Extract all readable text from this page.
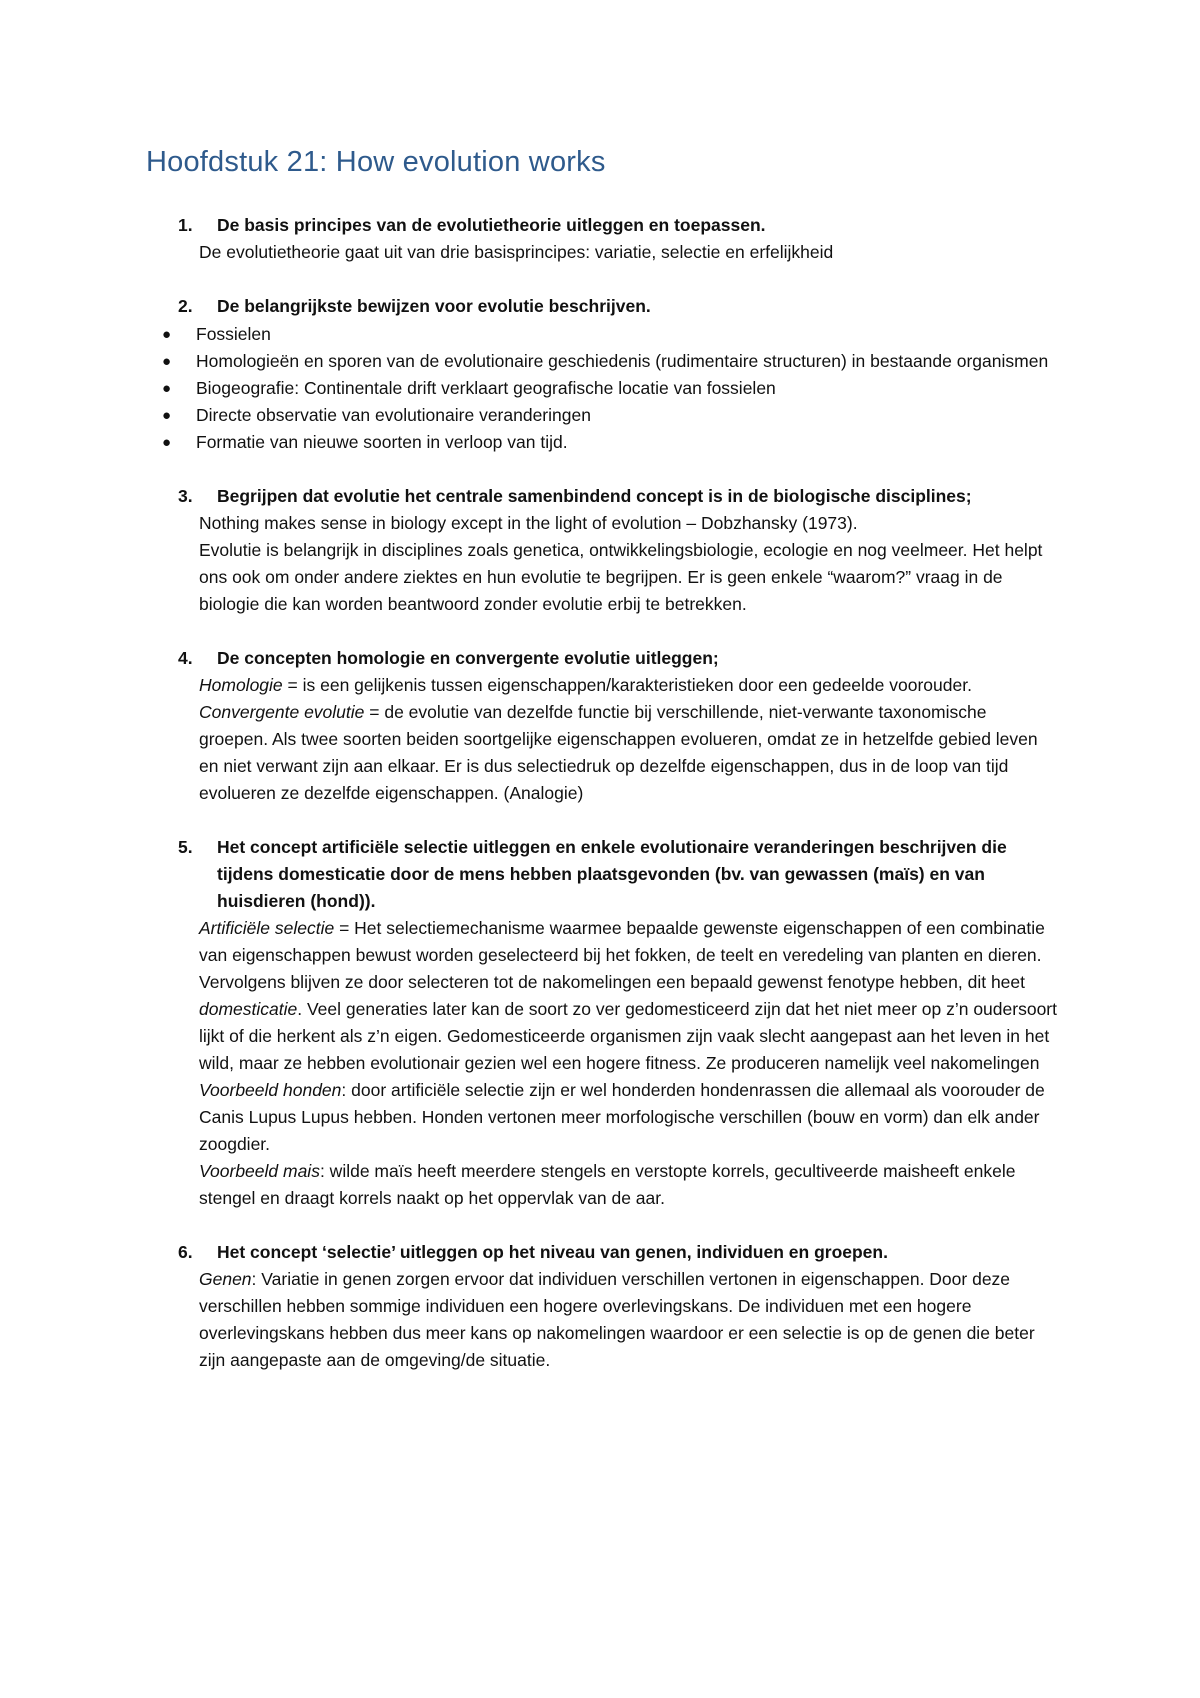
Hoofdstuk 21: How evolution works
1. De basis principes van de evolutietheorie uitleggen en toepassen.

De evolutietheorie gaat uit van drie basisprincipes: variatie, selectie en erfelijkheid

2. De belangrijkste bewijzen voor evolutie beschrijven.
● Fossielen
● Homologieën en sporen van de evolutionaire geschiedenis (rudimentaire structuren) in bestaande organismen
● Biogeografie: Continentale drift verklaart geografische locatie van fossielen
● Directe observatie van evolutionaire veranderingen
● Formatie van nieuwe soorten in verloop van tijd.
3. Begrijpen dat evolutie het centrale samenbindend concept is in de biologische disciplines;

Nothing makes sense in biology except in the light of evolution – Dobzhansky (1973).

Evolutie is belangrijk in disciplines zoals genetica, ontwikkelingsbiologie, ecologie en nog veelmeer. Het helpt ons ook om onder andere ziektes en hun evolutie te begrijpen. Er is geen enkele “waarom?” vraag in de biologie die kan worden beantwoord zonder evolutie erbij te betrekken.

4. De concepten homologie en convergente evolutie uitleggen;

Homologie = is een gelijkenis tussen eigenschappen/karakteristieken door een gedeelde voorouder.

Convergente evolutie = de evolutie van dezelfde functie bij verschillende, niet-verwante taxonomische groepen. Als twee soorten beiden soortgelijke eigenschappen evolueren, omdat ze in hetzelfde gebied leven en niet verwant zijn aan elkaar. Er is dus selectiedruk op dezelfde eigenschappen, dus in de loop van tijd evolueren ze dezelfde eigenschappen. (Analogie)

5. Het concept artificiële selectie uitleggen en enkele evolutionaire veranderingen beschrijven die tijdens domesticatie door de mens hebben plaatsgevonden (bv. van gewassen (maïs) en van huisdieren (hond)).

Artificiële selectie = Het selectiemechanisme waarmee bepaalde gewenste eigenschappen of een combinatie van eigenschappen bewust worden geselecteerd bij het fokken, de teelt en veredeling van planten en dieren. Vervolgens blijven ze door selecteren tot de nakomelingen een bepaald gewenst fenotype hebben, dit heet domesticatie. Veel generaties later kan de soort zo ver gedomesticeerd zijn dat het niet meer op z’n oudersoort lijkt of die herkent als z’n eigen. Gedomesticeerde organismen zijn vaak slecht aangepast aan het leven in het wild, maar ze hebben evolutionair gezien wel een hogere fitness. Ze produceren namelijk veel nakomelingen

Voorbeeld honden: door artificiële selectie zijn er wel honderden hondenrassen die allemaal als voorouder de Canis Lupus Lupus hebben. Honden vertonen meer morfologische verschillen (bouw en vorm) dan elk ander zoogdier.

Voorbeeld mais: wilde maïs heeft meerdere stengels en verstopte korrels, gecultiveerde maisheeft enkele stengel en draagt korrels naakt op het oppervlak van de aar.

6. Het concept ‘selectie’ uitleggen op het niveau van genen, individuen en groepen.

Genen: Variatie in genen zorgen ervoor dat individuen verschillen vertonen in eigenschappen. Door deze verschillen hebben sommige individuen een hogere overlevingskans. De individuen met een hogere overlevingskans hebben dus meer kans op nakomelingen waardoor er een selectie is op de genen die beter zijn aangepaste aan de omgeving/de situatie.
